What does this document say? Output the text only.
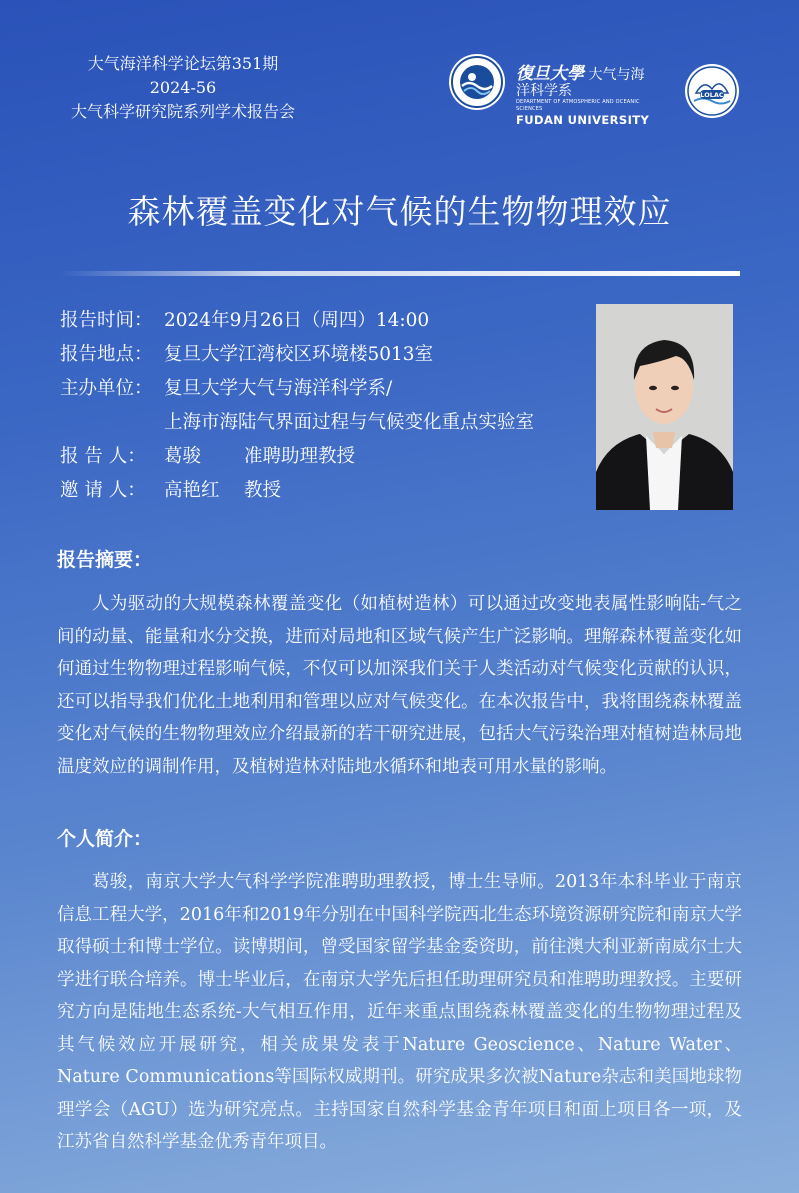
大气海洋科学论坛第351期
2024-56
大气科学研究院系列学术报告会
復旦大學 大气与海洋科学系
DEPARTMENT OF ATMOSPHERIC AND OCEANIC SCIENCES
FUDAN UNIVERSITY
LOLAC
森林覆盖变化对气候的生物物理效应
报告时间： 2024年9月26日（周四）14:00
报告地点： 复旦大学江湾校区环境楼5013室
主办单位： 复旦大学大气与海洋科学系/
上海市海陆气界面过程与气候变化重点实验室
报 告 人： 葛骏 准聘助理教授
邀 请 人： 高艳红 教授
报告摘要：

人为驱动的大规模森林覆盖变化（如植树造林）可以通过改变地表属性影响陆-气之间的动量、能量和水分交换，进而对局地和区域气候产生广泛影响。理解森林覆盖变化如何通过生物物理过程影响气候，不仅可以加深我们关于人类活动对气候变化贡献的认识，还可以指导我们优化土地利用和管理以应对气候变化。在本次报告中，我将围绕森林覆盖变化对气候的生物物理效应介绍最新的若干研究进展，包括大气污染治理对植树造林局地温度效应的调制作用，及植树造林对陆地水循环和地表可用水量的影响。

个人简介：

葛骏，南京大学大气科学学院准聘助理教授，博士生导师。2013年本科毕业于南京信息工程大学，2016年和2019年分别在中国科学院西北生态环境资源研究院和南京大学取得硕士和博士学位。读博期间，曾受国家留学基金委资助，前往澳大利亚新南威尔士大学进行联合培养。博士毕业后，在南京大学先后担任助理研究员和准聘助理教授。主要研究方向是陆地生态系统-大气相互作用，近年来重点围绕森林覆盖变化的生物物理过程及其气候效应开展研究，相关成果发表于Nature Geoscience、Nature Water、Nature Communications等国际权威期刊。研究成果多次被Nature杂志和美国地球物理学会（AGU）选为研究亮点。主持国家自然科学基金青年项目和面上项目各一项，及江苏省自然科学基金优秀青年项目。
